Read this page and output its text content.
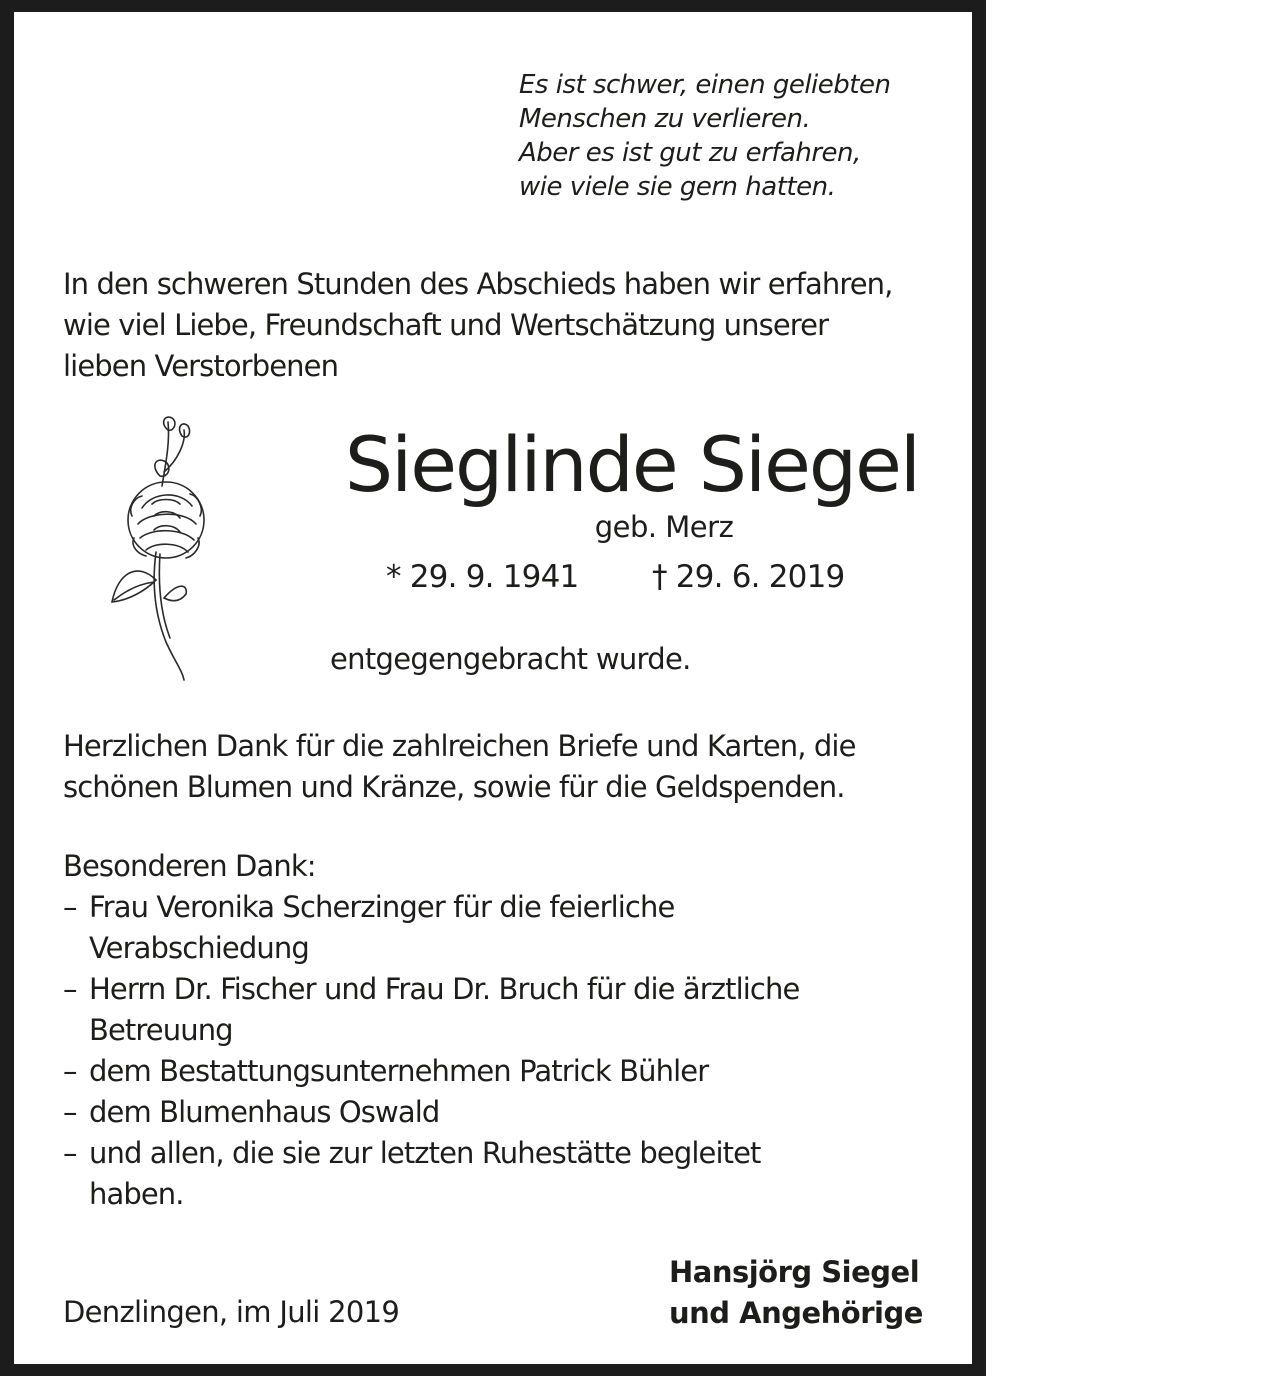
Es ist schwer, einen geliebten
Menschen zu verlieren.
Aber es ist gut zu erfahren,
wie viele sie gern hatten.
In den schweren Stunden des Abschieds haben wir erfahren,
wie viel Liebe, Freundschaft und Wertschätzung unserer
lieben Verstorbenen
Sieglinde Siegel
geb. Merz
* 29. 9. 1941 † 29. 6. 2019
entgegengebracht wurde.
Herzlichen Dank für die zahlreichen Briefe und Karten, die
schönen Blumen und Kränze, sowie für die Geldspenden.
Besonderen Dank:
– Frau Veronika Scherzinger für die feierliche
Verabschiedung
– Herrn Dr. Fischer und Frau Dr. Bruch für die ärztliche
Betreuung
– dem Bestattungsunternehmen Patrick Bühler
– dem Blumenhaus Oswald
– und allen, die sie zur letzten Ruhestätte begleitet
haben.
Denzlingen, im Juli 2019
Hansjörg Siegel
und Angehörige
